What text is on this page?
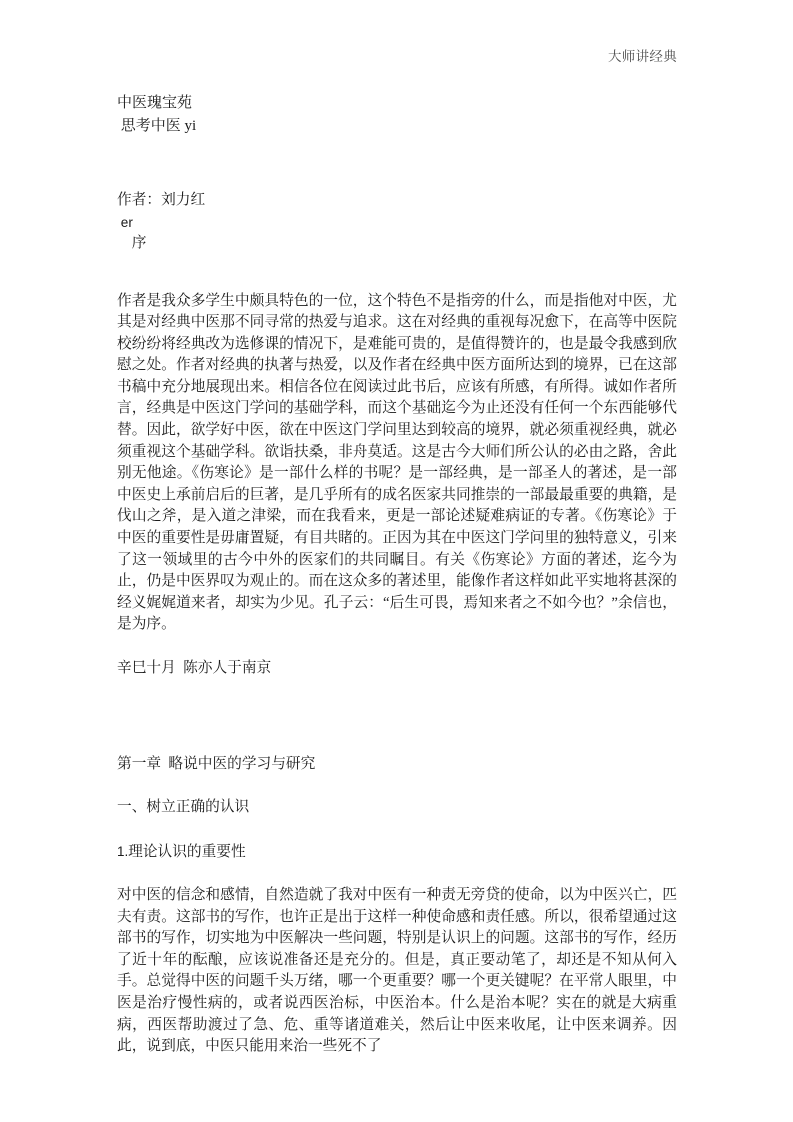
大师讲经典
中医瑰宝苑
思考中医 yi
作者：刘力红
er
序

作者是我众多学生中颇具特色的一位，这个特色不是指旁的什么，而是指他对中医，尤其是对经典中医那不同寻常的热爱与追求。这在对经典的重视每况愈下，在高等中医院校纷纷将经典改为选修课的情况下，是难能可贵的，是值得赞许的，也是最令我感到欣慰之处。作者对经典的执著与热爱，以及作者在经典中医方面所达到的境界，已在这部书稿中充分地展现出来。相信各位在阅读过此书后，应该有所感，有所得。诚如作者所言，经典是中医这门学问的基础学科，而这个基础迄今为止还没有任何一个东西能够代替。因此，欲学好中医，欲在中医这门学问里达到较高的境界，就必须重视经典，就必须重视这个基础学科。欲诣扶桑，非舟莫适。这是古今大师们所公认的必由之路，舍此别无他途。《伤寒论》是一部什么样的书呢？是一部经典，是一部圣人的著述，是一部中医史上承前启后的巨著，是几乎所有的成名医家共同推崇的一部最最重要的典籍，是伐山之斧，是入道之津梁，而在我看来，更是一部论述疑难病证的专著。《伤寒论》于中医的重要性是毋庸置疑，有目共睹的。正因为其在中医这门学问里的独特意义，引来了这一领域里的古今中外的医家们的共同瞩目。有关《伤寒论》方面的著述，迄今为止，仍是中医界叹为观止的。而在这众多的著述里，能像作者这样如此平实地将甚深的经义娓娓道来者，却实为少见。孔子云：“后生可畏，焉知来者之不如今也？”余信也，是为序。

辛巳十月  陈亦人于南京
第一章  略说中医的学习与研究
一、树立正确的认识
1.理论认识的重要性

对中医的信念和感情，自然造就了我对中医有一种责无旁贷的使命，以为中医兴亡，匹夫有责。这部书的写作，也许正是出于这样一种使命感和责任感。所以，很希望通过这部书的写作，切实地为中医解决一些问题，特别是认识上的问题。这部书的写作，经历了近十年的酝酿，应该说准备还是充分的。但是，真正要动笔了，却还是不知从何入手。总觉得中医的问题千头万绪，哪一个更重要？哪一个更关键呢？在平常人眼里，中医是治疗慢性病的，或者说西医治标，中医治本。什么是治本呢？实在的就是大病重病，西医帮助渡过了急、危、重等诸道难关，然后让中医来收尾，让中医来调养。因此，说到底，中医只能用来治一些死不了
